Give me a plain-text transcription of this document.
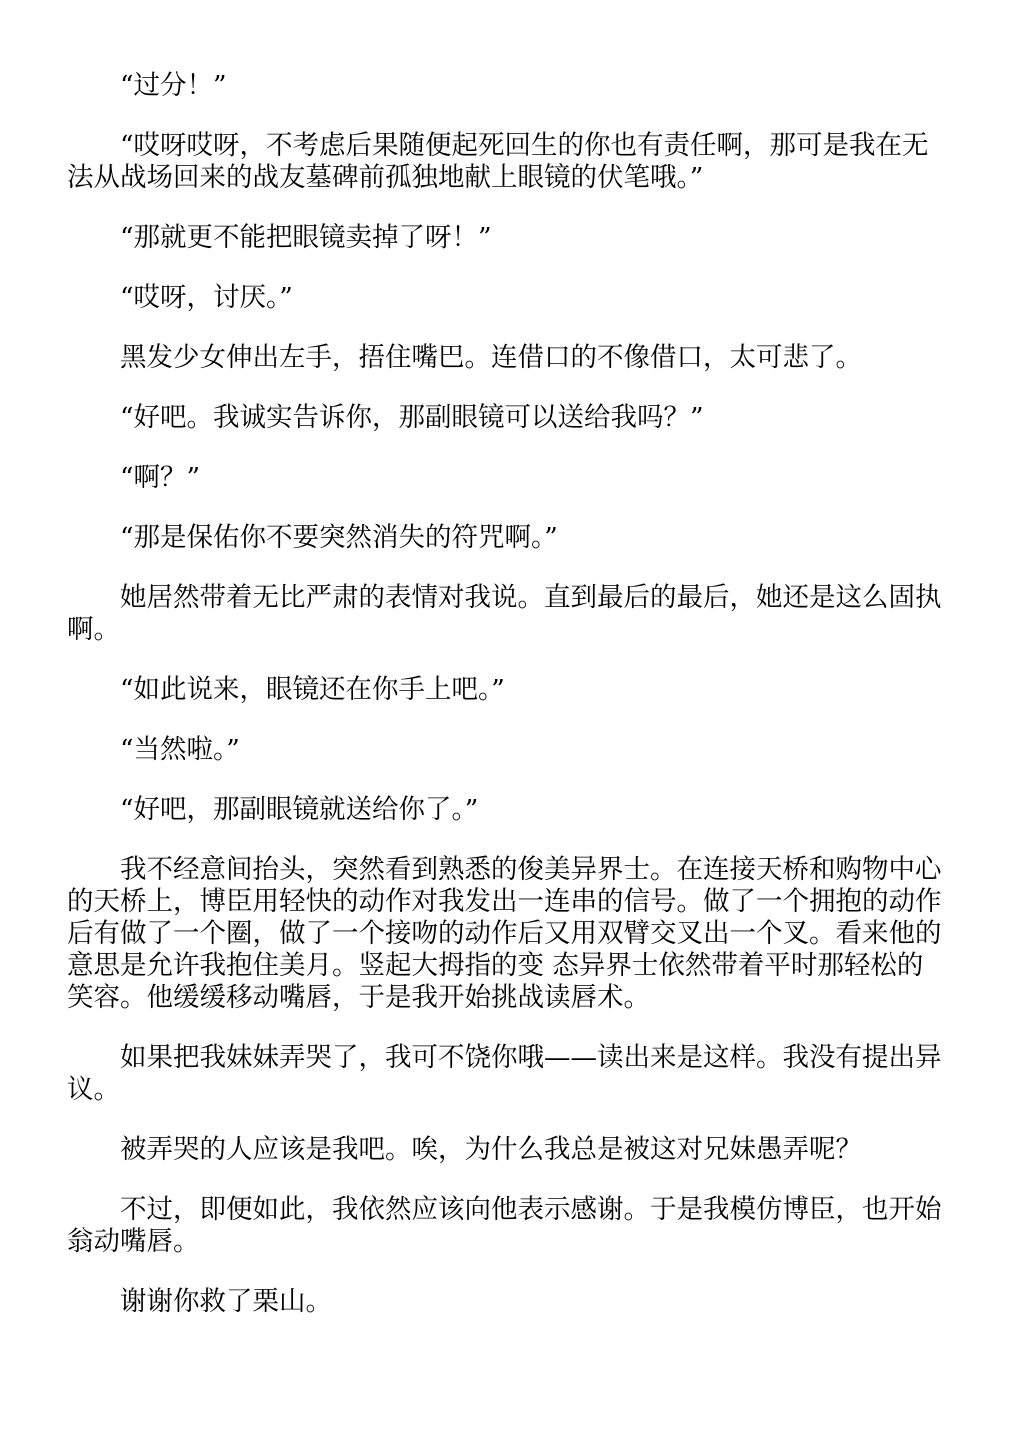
“过分！”

“哎呀哎呀，不考虑后果随便起死回生的你也有责任啊，那可是我在无法从战场回来的战友墓碑前孤独地献上眼镜的伏笔哦。”

“那就更不能把眼镜卖掉了呀！”

“哎呀，讨厌。”

黑发少女伸出左手，捂住嘴巴。连借口的不像借口，太可悲了。

“好吧。我诚实告诉你，那副眼镜可以送给我吗？”

“啊？”

“那是保佑你不要突然消失的符咒啊。”

她居然带着无比严肃的表情对我说。直到最后的最后，她还是这么固执啊。

“如此说来，眼镜还在你手上吧。”

“当然啦。”

“好吧，那副眼镜就送给你了。”

我不经意间抬头，突然看到熟悉的俊美异界士。在连接天桥和购物中心的天桥上，博臣用轻快的动作对我发出一连串的信号。做了一个拥抱的动作后有做了一个圈，做了一个接吻的动作后又用双臂交叉出一个叉。看来他的意思是允许我抱住美月。竖起大拇指的变 态异界士依然带着平时那轻松的笑容。他缓缓移动嘴唇，于是我开始挑战读唇术。

如果把我妹妹弄哭了，我可不饶你哦——读出来是这样。我没有提出异议。

被弄哭的人应该是我吧。唉，为什么我总是被这对兄妹愚弄呢？

不过，即便如此，我依然应该向他表示感谢。于是我模仿博臣，也开始翁动嘴唇。

谢谢你救了栗山。
